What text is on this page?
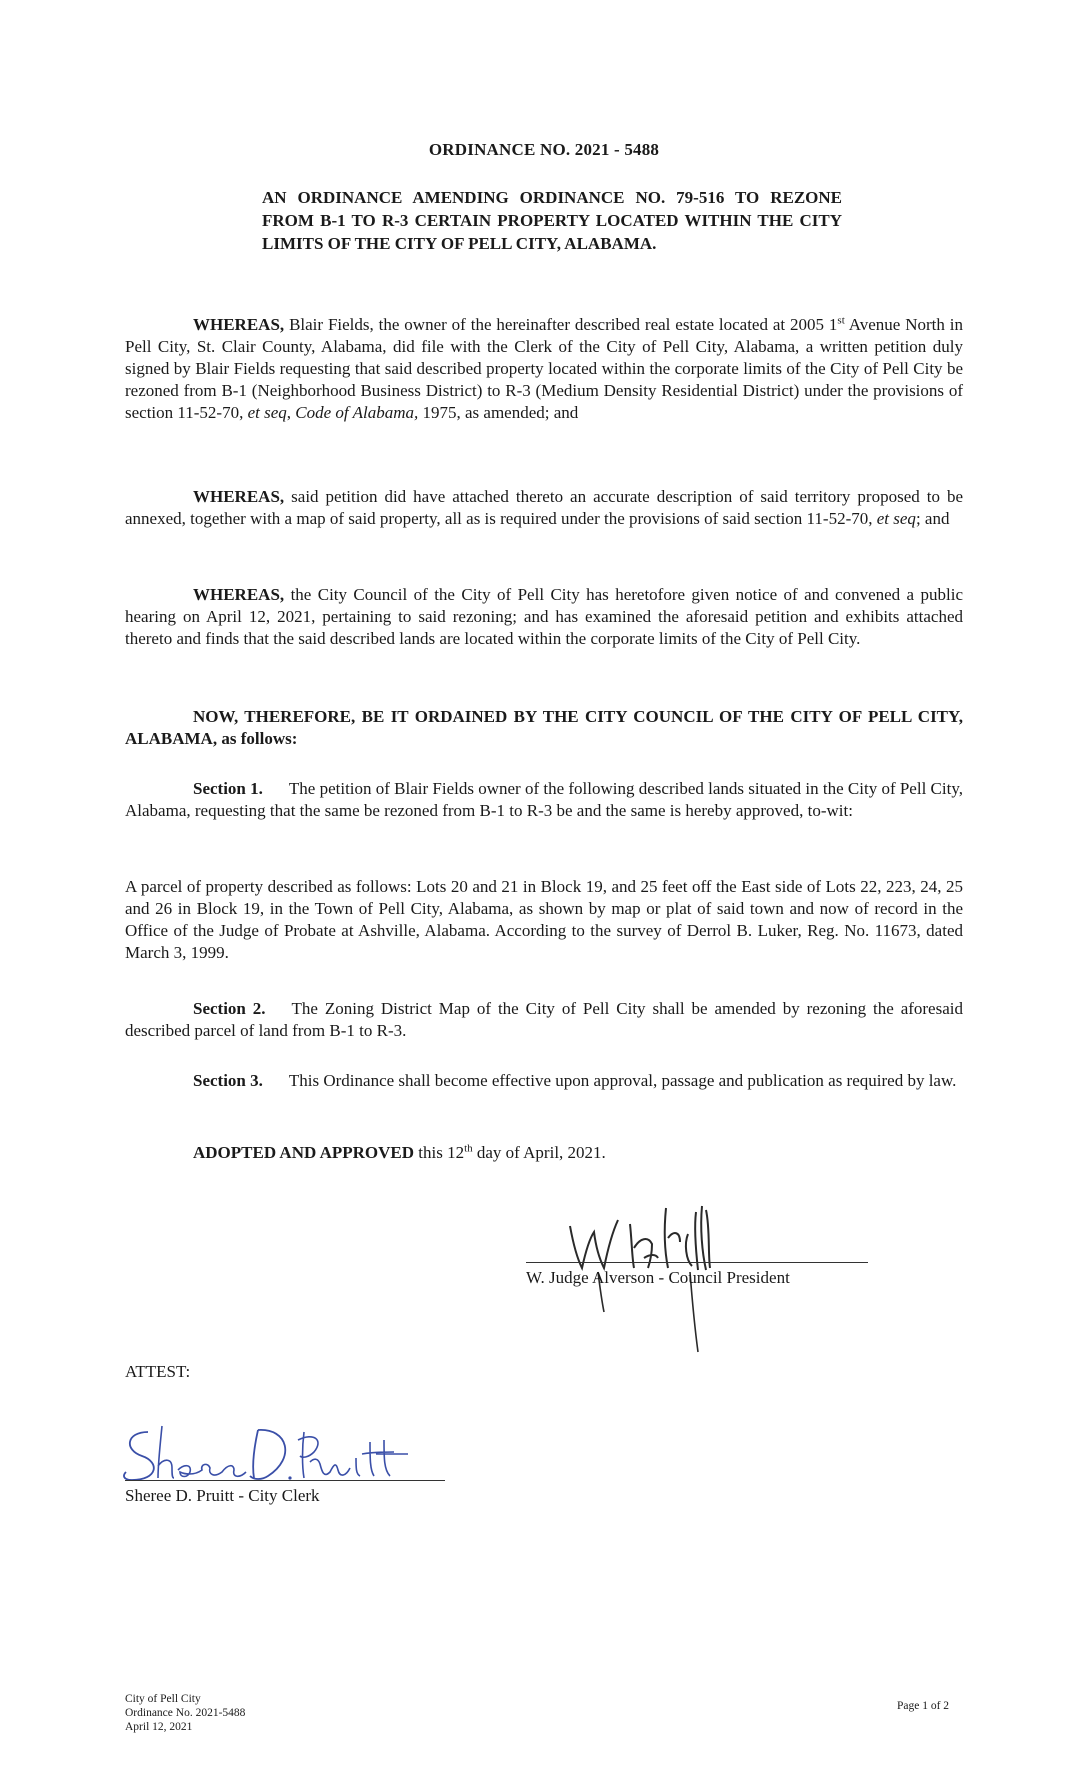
ORDINANCE NO. 2021 - 5488
AN ORDINANCE AMENDING ORDINANCE NO. 79-516 TO REZONE FROM B-1 TO R-3 CERTAIN PROPERTY LOCATED WITHIN THE CITY LIMITS OF THE CITY OF PELL CITY, ALABAMA.

WHEREAS, Blair Fields, the owner of the hereinafter described real estate located at 2005 1st Avenue North in Pell City, St. Clair County, Alabama, did file with the Clerk of the City of Pell City, Alabama, a written petition duly signed by Blair Fields requesting that said described property located within the corporate limits of the City of Pell City be rezoned from B-1 (Neighborhood Business District) to R-3 (Medium Density Residential District) under the provisions of section 11-52-70, et seq, Code of Alabama, 1975, as amended; and

WHEREAS, said petition did have attached thereto an accurate description of said territory proposed to be annexed, together with a map of said property, all as is required under the provisions of said section 11-52-70, et seq; and

WHEREAS, the City Council of the City of Pell City has heretofore given notice of and convened a public hearing on April 12, 2021, pertaining to said rezoning; and has examined the aforesaid petition and exhibits attached thereto and finds that the said described lands are located within the corporate limits of the City of Pell City.

NOW, THEREFORE, BE IT ORDAINED BY THE CITY COUNCIL OF THE CITY OF PELL CITY, ALABAMA, as follows:

Section 1. The petition of Blair Fields owner of the following described lands situated in the City of Pell City, Alabama, requesting that the same be rezoned from B-1 to R-3 be and the same is hereby approved, to-wit:

A parcel of property described as follows: Lots 20 and 21 in Block 19, and 25 feet off the East side of Lots 22, 223, 24, 25 and 26 in Block 19, in the Town of Pell City, Alabama, as shown by map or plat of said town and now of record in the Office of the Judge of Probate at Ashville, Alabama. According to the survey of Derrol B. Luker, Reg. No. 11673, dated March 3, 1999.

Section 2. The Zoning District Map of the City of Pell City shall be amended by rezoning the aforesaid described parcel of land from B-1 to R-3.

Section 3. This Ordinance shall become effective upon approval, passage and publication as required by law.

ADOPTED AND APPROVED this 12th day of April, 2021.

W. Judge Alverson - Council President
ATTEST:
Sheree D. Pruitt - City Clerk
City of Pell City
Ordinance No. 2021-5488
April 12, 2021
Page 1 of 2
